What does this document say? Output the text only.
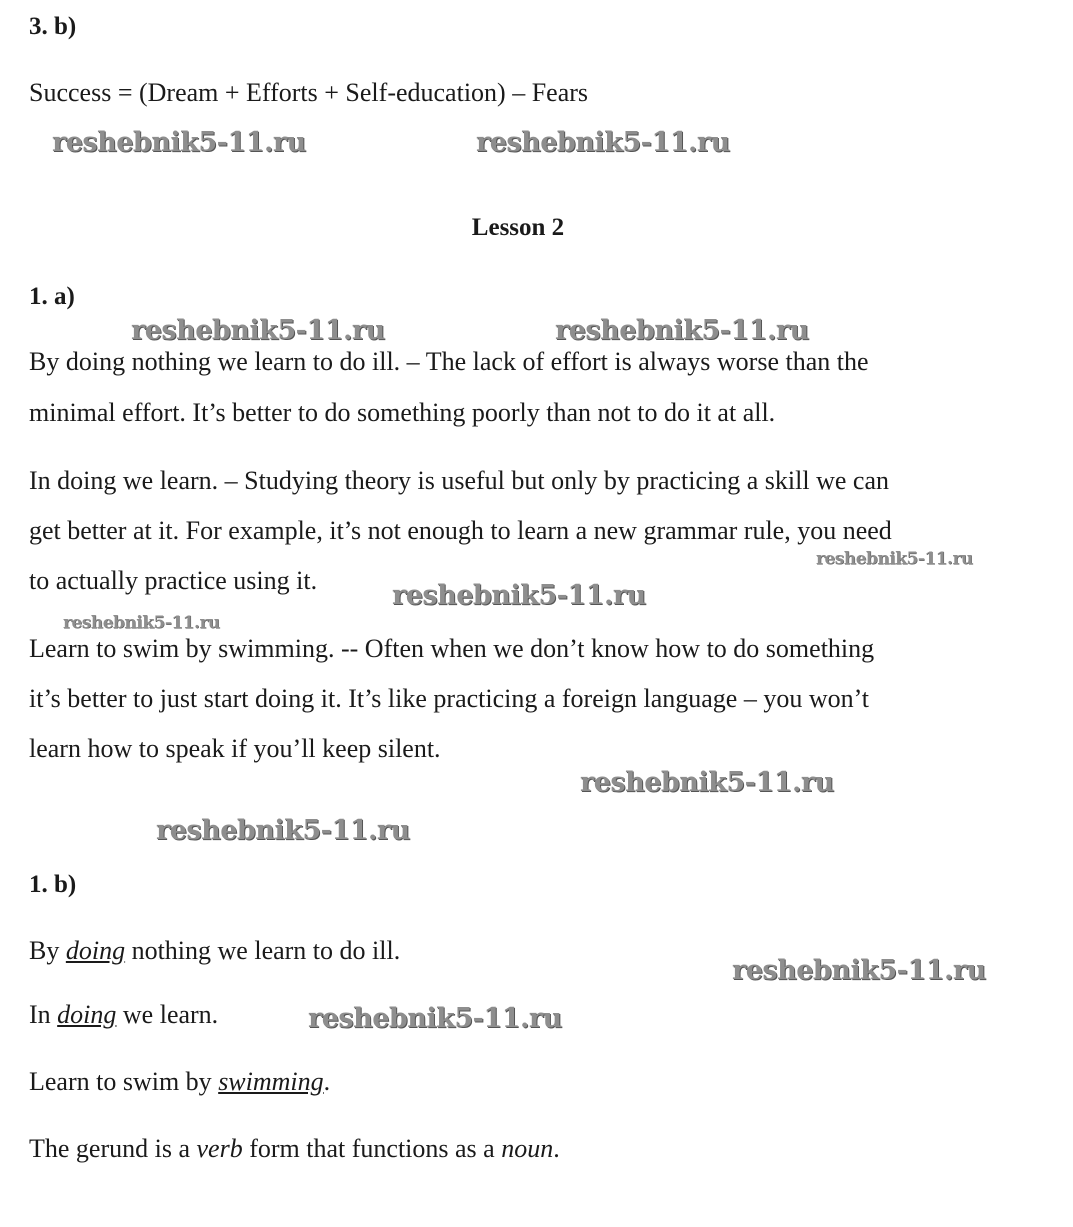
3. b)
Success = (Dream + Efforts + Self-education) – Fears
reshebnik5-11.ru	reshebnik5-11.ru
Lesson 2
1. a)
reshebnik5-11.ru	reshebnik5-11.ru
By doing nothing we learn to do ill. – The lack of effort is always worse than the
minimal effort. It’s better to do something poorly than not to do it at all.
In doing we learn. – Studying theory is useful but only by practicing a skill we can
get better at it. For example, it’s not enough to learn a new grammar rule, you need
to actually practice using it.
reshebnik5-11.ru
reshebnik5-11.ru
reshebnik5-11.ru
Learn to swim by swimming. -- Often when we don’t know how to do something
it’s better to just start doing it. It’s like practicing a foreign language – you won’t
learn how to speak if you’ll keep silent.
reshebnik5-11.ru
reshebnik5-11.ru
1. b)
By doing nothing we learn to do ill.
reshebnik5-11.ru
In doing we learn.	reshebnik5-11.ru
Learn to swim by swimming.
The gerund is a verb form that functions as a noun.
